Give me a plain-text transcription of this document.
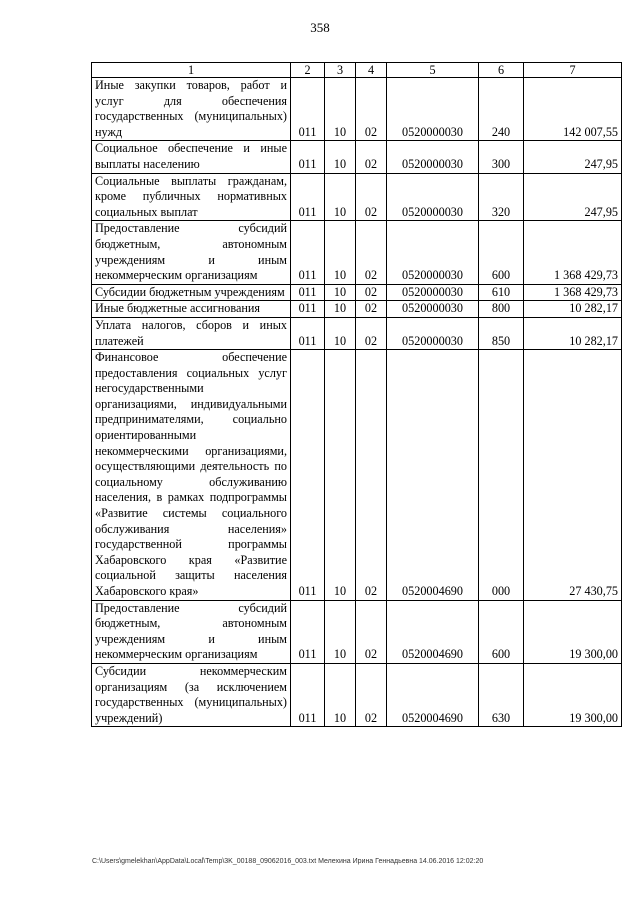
358
1	2	3	4	5	6	7
Иные закупки товаров, работ и услуг для обеспечения государственных (муниципальных) нужд	011	10	02	0520000030	240	142 007,55
Социальное обеспечение и иные выплаты населению	011	10	02	0520000030	300	247,95
Социальные выплаты гражданам, кроме публичных нормативных социальных выплат	011	10	02	0520000030	320	247,95
Предоставление субсидий бюджетным, автономным учреждениям и иным некоммерческим организациям	011	10	02	0520000030	600	1 368 429,73
Субсидии бюджетным учреждениям	011	10	02	0520000030	610	1 368 429,73
Иные бюджетные ассигнования	011	10	02	0520000030	800	10 282,17
Уплата налогов, сборов и иных платежей	011	10	02	0520000030	850	10 282,17
Финансовое обеспечение предоставления социальных услуг негосударственными организациями, индивидуальными предпринимателями, социально ориентированными некоммерческими организациями, осуществляющими деятельность по социальному обслуживанию населения, в рамках подпрограммы «Развитие системы социального обслуживания населения» государственной программы Хабаровского края «Развитие социальной защиты населения Хабаровского края»	011	10	02	0520004690	000	27 430,75
Предоставление субсидий бюджетным, автономным учреждениям и иным некоммерческим организациям	011	10	02	0520004690	600	19 300,00
Субсидии некоммерческим организациям (за исключением государственных (муниципальных) учреждений)	011	10	02	0520004690	630	19 300,00
C:\Users\gmelekhan\AppData\Local\Temp\3K_00188_09062016_003.txt Мелехина Ирина Геннадьевна 14.06.2016 12:02:20
